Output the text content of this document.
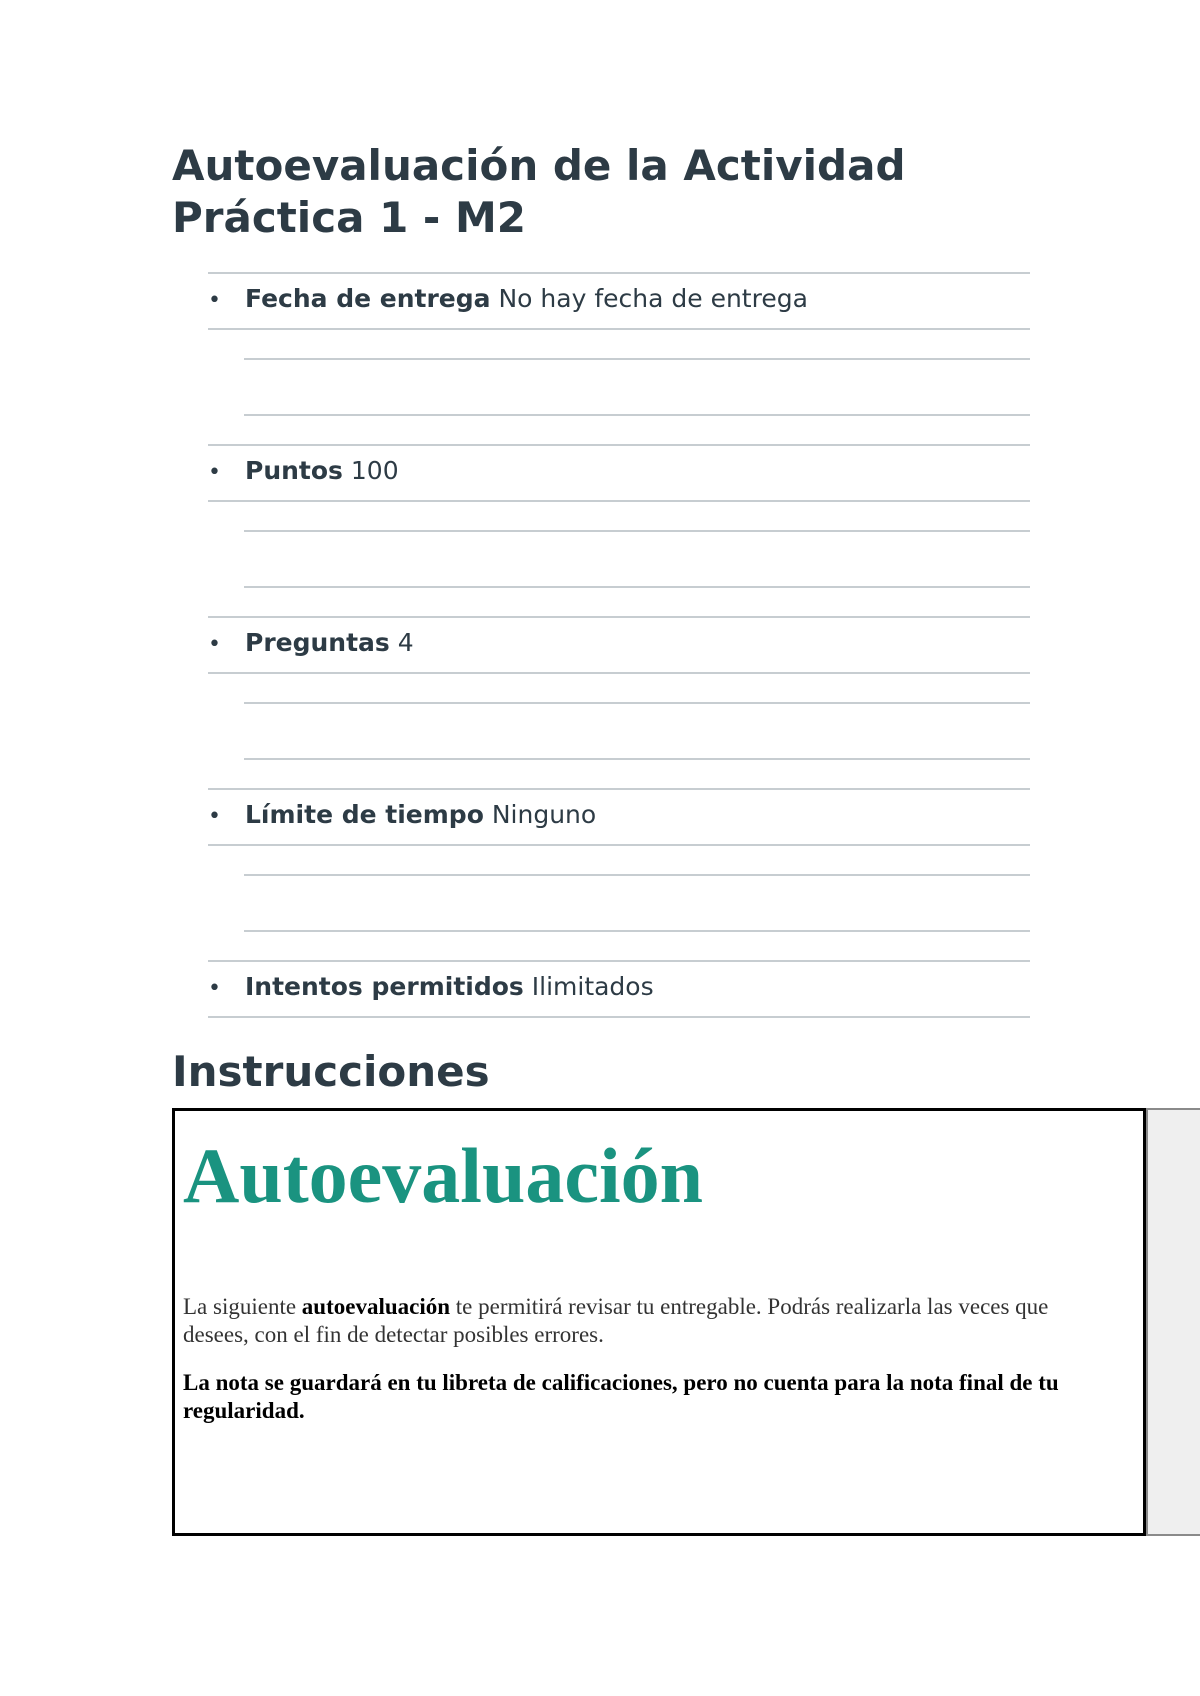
Autoevaluación de la Actividad Práctica 1 - M2
• Fecha de entrega No hay fecha de entrega
• Puntos 100
• Preguntas 4
• Límite de tiempo Ninguno
• Intentos permitidos Ilimitados
Instrucciones
Autoevaluación

La siguiente autoevaluación te permitirá revisar tu entregable. Podrás realizarla las veces que desees, con el fin de detectar posibles errores.

La nota se guardará en tu libreta de calificaciones, pero no cuenta para la nota final de tu regularidad.
